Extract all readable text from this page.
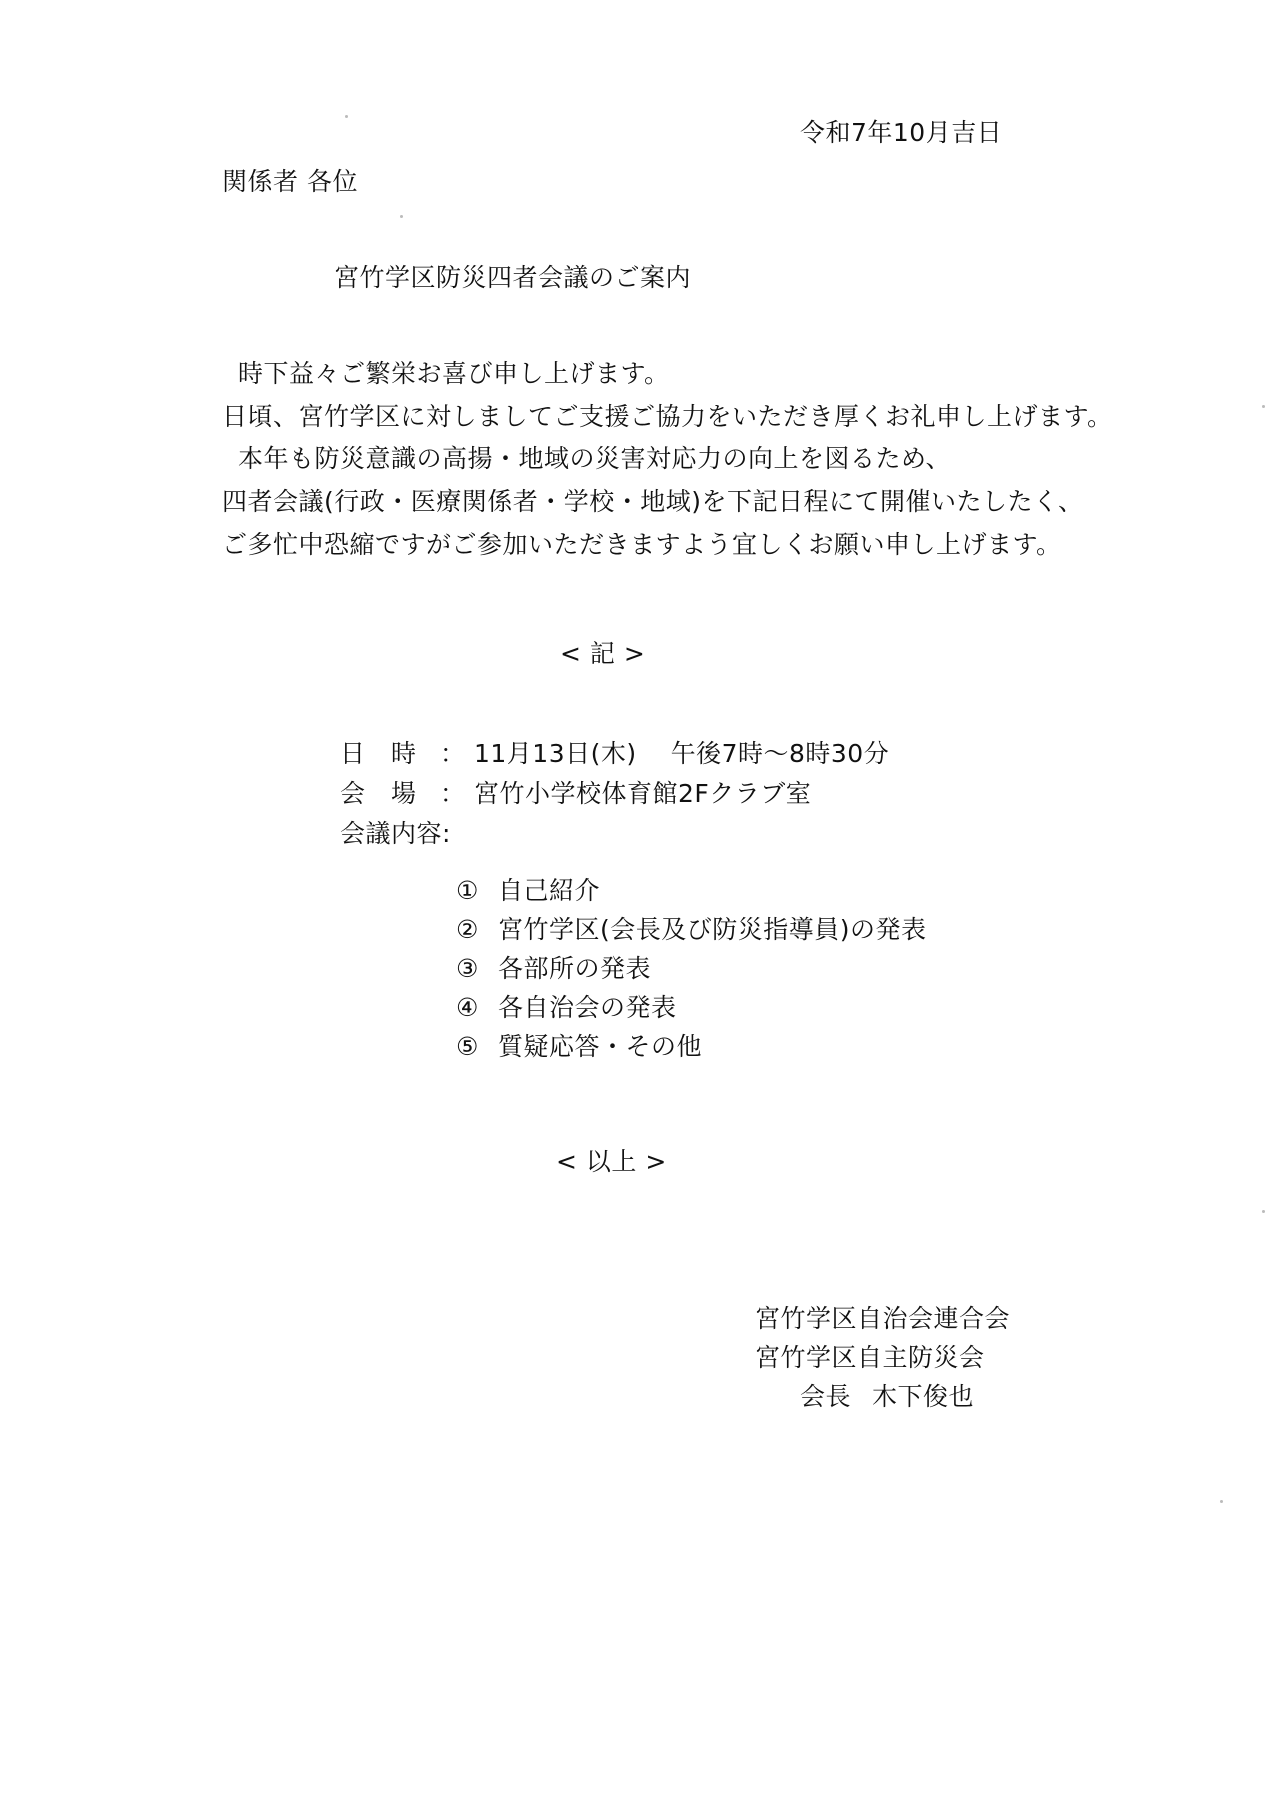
令和7年10月吉日
関係者 各位
宮竹学区防災四者会議のご案内
時下益々ご繁栄お喜び申し上げます。
日頃、宮竹学区に対しましてご支援ご協力をいただき厚くお礼申し上げます。
本年も防災意識の高揚・地域の災害対応力の向上を図るため、
四者会議(行政・医療関係者・学校・地域)を下記日程にて開催いたしたく、
ご多忙中恐縮ですがご参加いただきますよう宜しくお願い申し上げます。
< 記 >
日　時 ： 11月13日(木)　 午後7時～8時30分
会　場 ： 宮竹小学校体育館2Fクラブ室
会議内容:
① 自己紹介
② 宮竹学区(会長及び防災指導員)の発表
③ 各部所の発表
④ 各自治会の発表
⑤ 質疑応答・その他
< 以上 >
宮竹学区自治会連合会
宮竹学区自主防災会
会長 木下俊也
